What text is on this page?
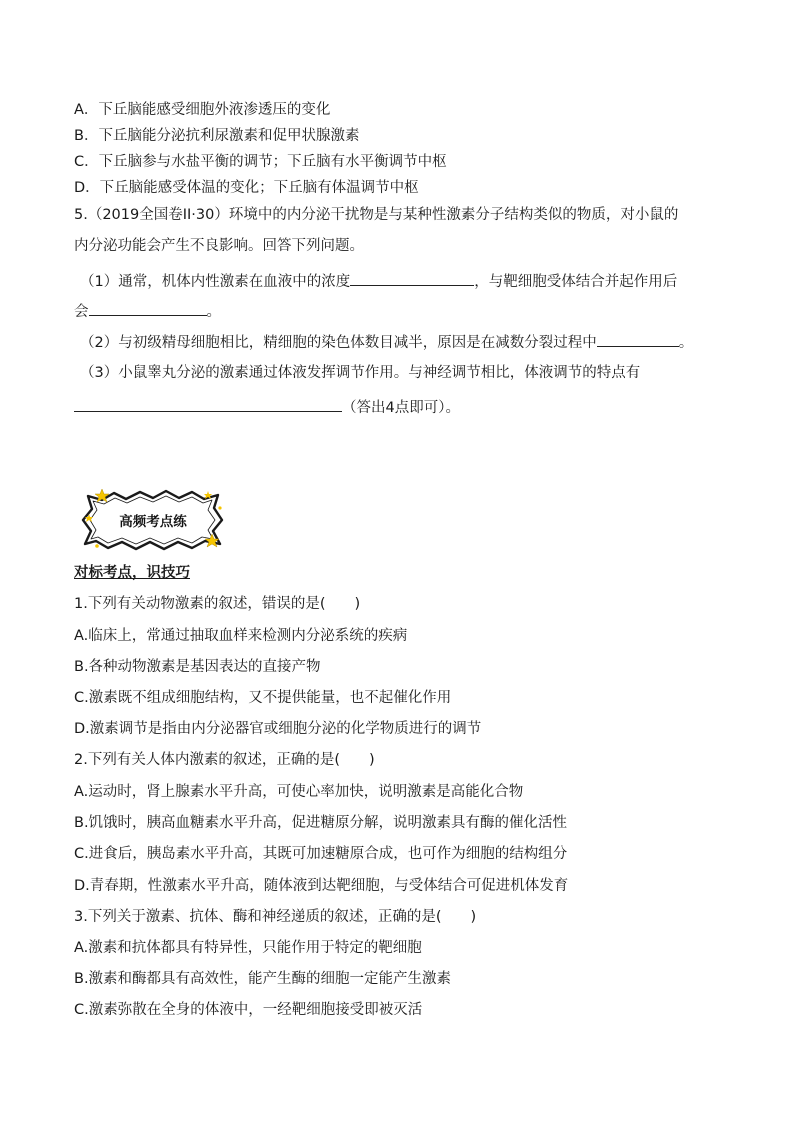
A．下丘脑能感受细胞外液渗透压的变化
B．下丘脑能分泌抗利尿激素和促甲状腺激素
C．下丘脑参与水盐平衡的调节；下丘脑有水平衡调节中枢
D．下丘脑能感受体温的变化；下丘脑有体温调节中枢
5.（2019全国卷II·30）环境中的内分泌干扰物是与某种性激素分子结构类似的物质，对小鼠的
内分泌功能会产生不良影响。回答下列问题。
（1）通常，机体内性激素在血液中的浓度	，与靶细胞受体结合并起作用后
会	。
（2）与初级精母细胞相比，精细胞的染色体数目减半，原因是在减数分裂过程中	。
（3）小鼠睾丸分泌的激素通过体液发挥调节作用。与神经调节相比，体液调节的特点有
（答出4点即可）。
高频考点练
对标考点，识技巧
1.下列有关动物激素的叙述，错误的是(　　)
A.临床上，常通过抽取血样来检测内分泌系统的疾病
B.各种动物激素是基因表达的直接产物
C.激素既不组成细胞结构，又不提供能量，也不起催化作用
D.激素调节是指由内分泌器官或细胞分泌的化学物质进行的调节
2.下列有关人体内激素的叙述，正确的是(　　)
A.运动时，肾上腺素水平升高，可使心率加快，说明激素是高能化合物
B.饥饿时，胰高血糖素水平升高，促进糖原分解，说明激素具有酶的催化活性
C.进食后，胰岛素水平升高，其既可加速糖原合成，也可作为细胞的结构组分
D.青春期，性激素水平升高，随体液到达靶细胞，与受体结合可促进机体发育
3.下列关于激素、抗体、酶和神经递质的叙述，正确的是(　　)
A.激素和抗体都具有特异性，只能作用于特定的靶细胞
B.激素和酶都具有高效性，能产生酶的细胞一定能产生激素
C.激素弥散在全身的体液中，一经靶细胞接受即被灭活
